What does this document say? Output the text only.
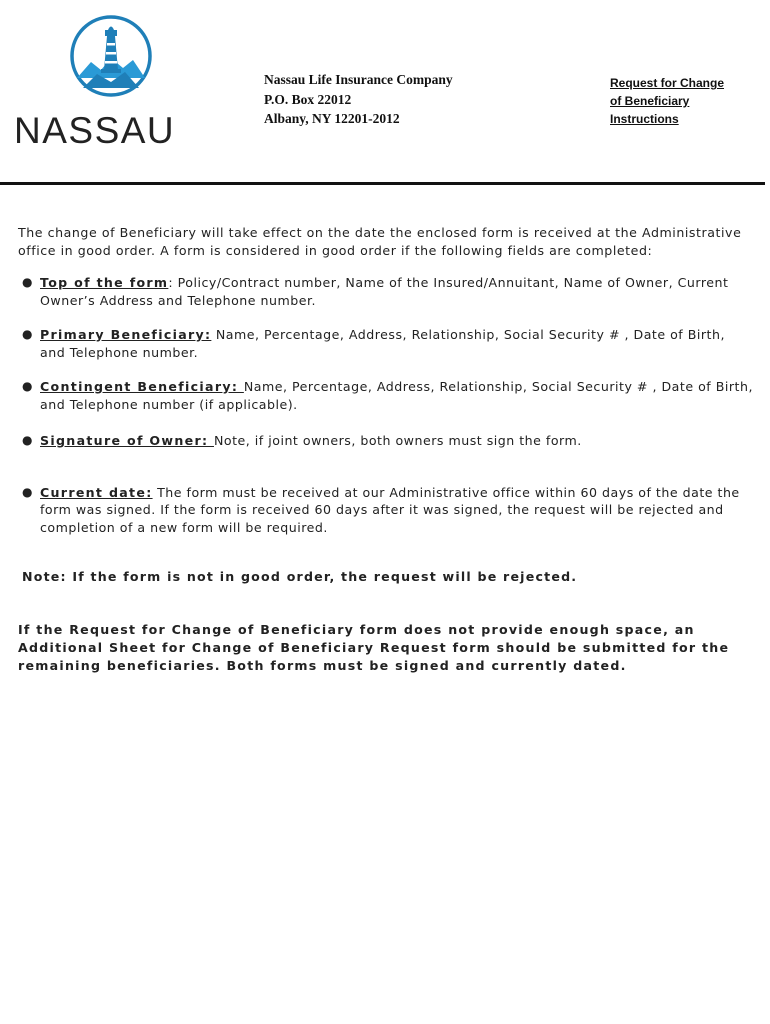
NASSAU
Nassau Life Insurance Company
P.O. Box 22012
Albany, NY 12201-2012
Request for Change
of Beneficiary
Instructions
The change of Beneficiary will take effect on the date the enclosed form is received at the Administrative office in good order. A form is considered in good order if the following fields are completed:
● Top of the form: Policy/Contract number, Name of the Insured/Annuitant, Name of Owner, Current Owner’s Address and Telephone number.
● Primary Beneficiary: Name, Percentage, Address, Relationship, Social Security # , Date of Birth, and Telephone number.
● Contingent Beneficiary: Name, Percentage, Address, Relationship, Social Security # , Date of Birth, and Telephone number (if applicable).
● Signature of Owner: Note, if joint owners, both owners must sign the form.
● Current date: The form must be received at our Administrative office within 60 days of the date the form was signed. If the form is received 60 days after it was signed, the request will be rejected and completion of a new form will be required.
Note: If the form is not in good order, the request will be rejected.
If the Request for Change of Beneficiary form does not provide enough space, an Additional Sheet for Change of Beneficiary Request form should be submitted for the remaining beneficiaries. Both forms must be signed and currently dated.
